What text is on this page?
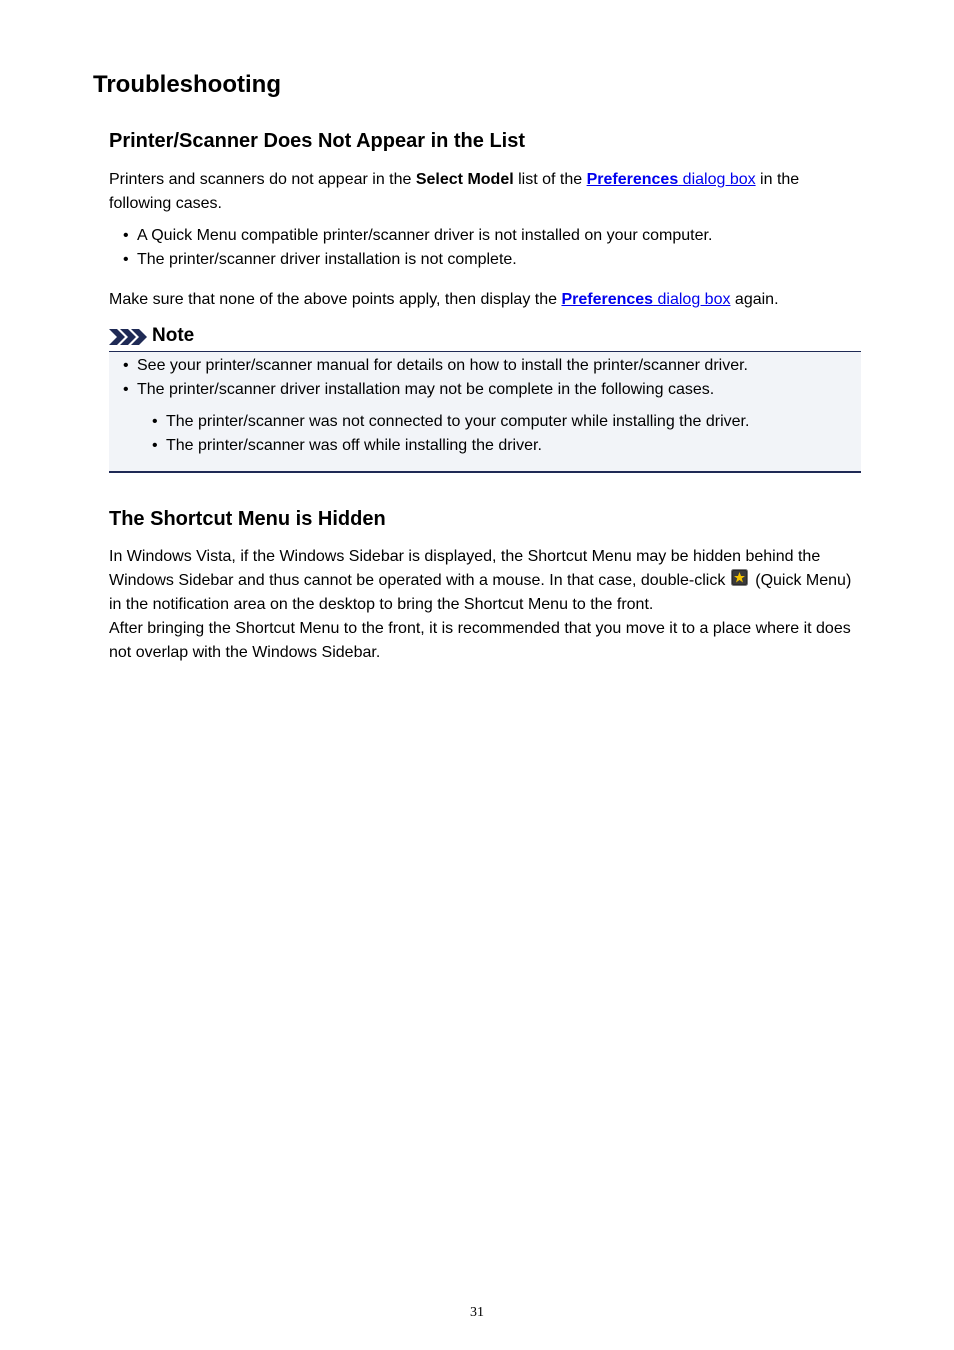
Troubleshooting
Printer/Scanner Does Not Appear in the List

Printers and scanners do not appear in the Select Model list of the Preferences dialog box in the
following cases.

• A Quick Menu compatible printer/scanner driver is not installed on your computer.
• The printer/scanner driver installation is not complete.

Make sure that none of the above points apply, then display the Preferences dialog box again.

Note
• See your printer/scanner manual for details on how to install the printer/scanner driver.
• The printer/scanner driver installation may not be complete in the following cases.
• The printer/scanner was not connected to your computer while installing the driver.
• The printer/scanner was off while installing the driver.
The Shortcut Menu is Hidden

In Windows Vista, if the Windows Sidebar is displayed, the Shortcut Menu may be hidden behind the
Windows Sidebar and thus cannot be operated with a mouse. In that case, double-click  (Quick Menu)
in the notification area on the desktop to bring the Shortcut Menu to the front.
After bringing the Shortcut Menu to the front, it is recommended that you move it to a place where it does
not overlap with the Windows Sidebar.

31
